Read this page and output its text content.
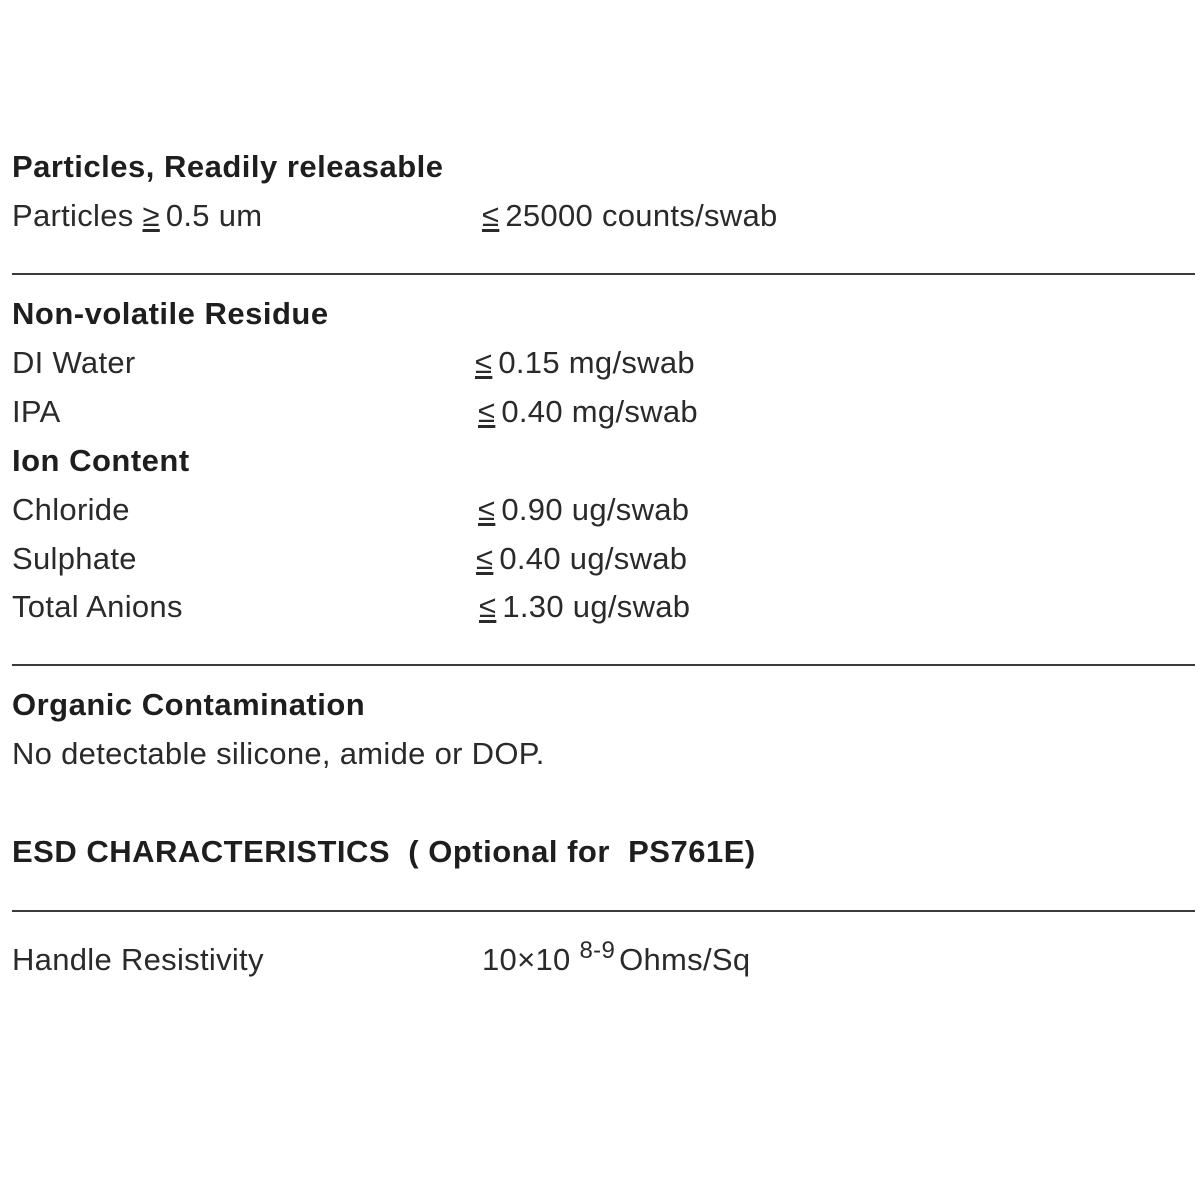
Particles, Readily releasable
Particles ≥ 0.5 um	≤ 25000 counts/swab
Non-volatile Residue
DI Water	≤ 0.15 mg/swab
IPA	≤ 0.40 mg/swab
Ion Content
Chloride	≤ 0.90 ug/swab
Sulphate	≤ 0.40 ug/swab
Total Anions	≤ 1.30 ug/swab
Organic Contamination
No detectable silicone, amide or DOP.
ESD CHARACTERISTICS  ( Optional for  PS761E)
Handle Resistivity	10×10 $^{8-9}$ Ohms/Sq
